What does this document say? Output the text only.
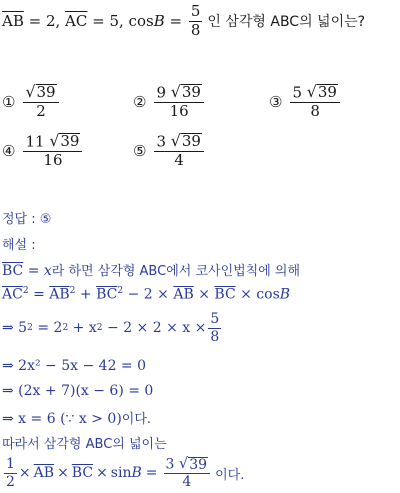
$\overline{AB} = 2$, $\overline{AC} = 5$, $\cos B = \frac{5}{8}$ 인 삼각형 ABC의 넓이는?
① $\frac{√ 39}{2}$	② $\frac{9 √ 39}{16}$	③ $\frac{5 √ 39}{8}$
④ $\frac{11 √ 39}{16}$	⑤ $\frac{3 √ 39}{4}$
정답 : ⑤
해설 :
$\overline{BC} = x$라 하면 삼각형 ABC에서 코사인법칙에 의해
$\overline{AC}^2 = \overline{AB}^2 + \overline{BC}^2 - 2 \times \overline{AB} \times \overline{BC} \times \cos B$
⇒ 5 2 = 2 2 + x $2 - 2 \times 2 \times x \times \frac{5}{8}$
⇒ 2x² − 5x − 42 = 0
⇒ (2x + 7)(x − 6) = 0
⇒ x = 6 (∵ x > 0)이다.
따라서 삼각형 ABC의 넓이는
$\frac{1}{2} \times \overline{AB} \times \overline{BC} \times \sin B = \frac{3 √ 39}{4}$ 이다.
